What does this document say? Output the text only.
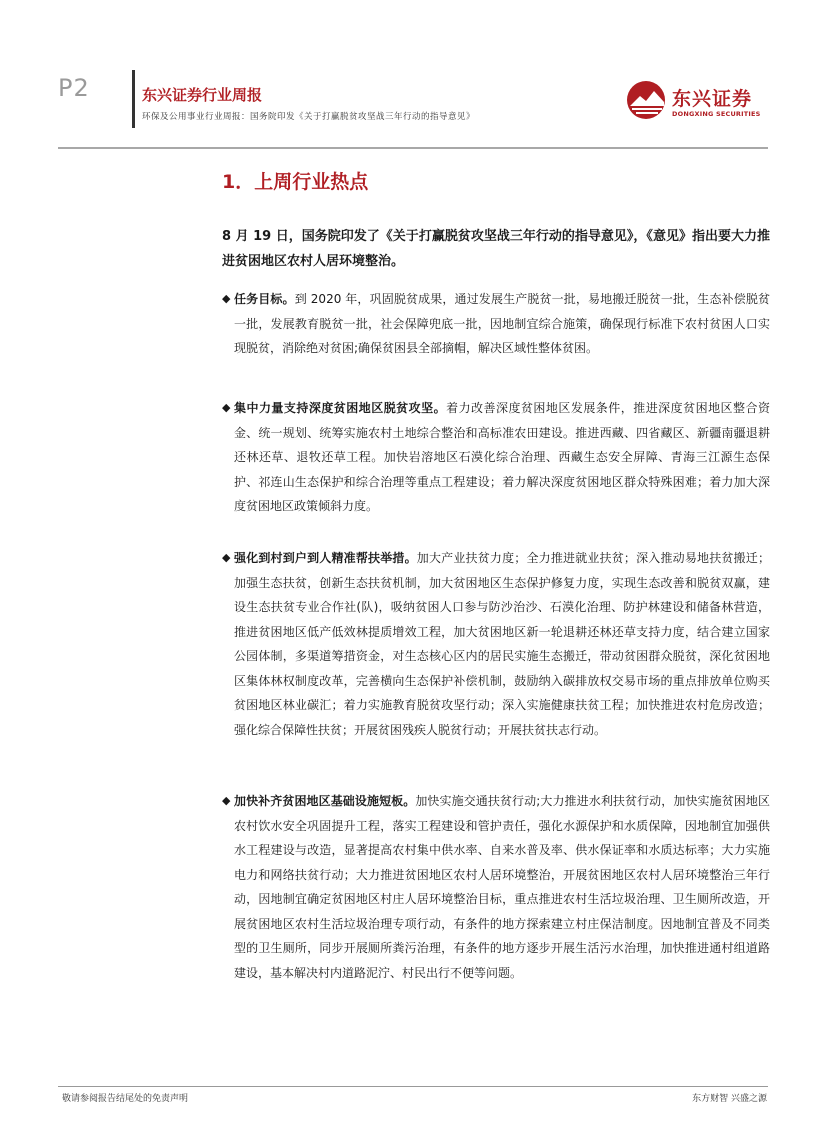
P2	东兴证券行业周报
环保及公用事业行业周报：国务院印发《关于打赢脱贫攻坚战三年行动的指导意见》
东兴证券
DONGXING SECURITIES
1．上周行业热点
8 月 19 日，国务院印发了《关于打赢脱贫攻坚战三年行动的指导意见》，《意见》指出要大力推进贫困地区农村人居环境整治。
◆ 任务目标。到 2020 年，巩固脱贫成果，通过发展生产脱贫一批，易地搬迁脱贫一批，生态补偿脱贫一批，发展教育脱贫一批，社会保障兜底一批，因地制宜综合施策，确保现行标准下农村贫困人口实现脱贫，消除绝对贫困;确保贫困县全部摘帽，解决区域性整体贫困。
◆ 集中力量支持深度贫困地区脱贫攻坚。着力改善深度贫困地区发展条件，推进深度贫困地区整合资金、统一规划、统筹实施农村土地综合整治和高标准农田建设。推进西藏、四省藏区、新疆南疆退耕还林还草、退牧还草工程。加快岩溶地区石漠化综合治理、西藏生态安全屏障、青海三江源生态保护、祁连山生态保护和综合治理等重点工程建设；着力解决深度贫困地区群众特殊困难；着力加大深度贫困地区政策倾斜力度。
◆ 强化到村到户到人精准帮扶举措。加大产业扶贫力度；全力推进就业扶贫；深入推动易地扶贫搬迁；加强生态扶贫，创新生态扶贫机制，加大贫困地区生态保护修复力度，实现生态改善和脱贫双赢，建设生态扶贫专业合作社(队)，吸纳贫困人口参与防沙治沙、石漠化治理、防护林建设和储备林营造，推进贫困地区低产低效林提质增效工程，加大贫困地区新一轮退耕还林还草支持力度，结合建立国家公园体制，多渠道筹措资金，对生态核心区内的居民实施生态搬迁，带动贫困群众脱贫，深化贫困地区集体林权制度改革，完善横向生态保护补偿机制，鼓励纳入碳排放权交易市场的重点排放单位购买贫困地区林业碳汇；着力实施教育脱贫攻坚行动；深入实施健康扶贫工程；加快推进农村危房改造；强化综合保障性扶贫；开展贫困残疾人脱贫行动；开展扶贫扶志行动。
◆ 加快补齐贫困地区基础设施短板。加快实施交通扶贫行动;大力推进水利扶贫行动，加快实施贫困地区农村饮水安全巩固提升工程，落实工程建设和管护责任，强化水源保护和水质保障，因地制宜加强供水工程建设与改造，显著提高农村集中供水率、自来水普及率、供水保证率和水质达标率；大力实施电力和网络扶贫行动；大力推进贫困地区农村人居环境整治，开展贫困地区农村人居环境整治三年行动，因地制宜确定贫困地区村庄人居环境整治目标，重点推进农村生活垃圾治理、卫生厕所改造，开展贫困地区农村生活垃圾治理专项行动，有条件的地方探索建立村庄保洁制度。因地制宜普及不同类型的卫生厕所，同步开展厕所粪污治理，有条件的地方逐步开展生活污水治理，加快推进通村组道路建设，基本解决村内道路泥泞、村民出行不便等问题。
敬请参阅报告结尾处的免责声明	东方财智 兴盛之源
